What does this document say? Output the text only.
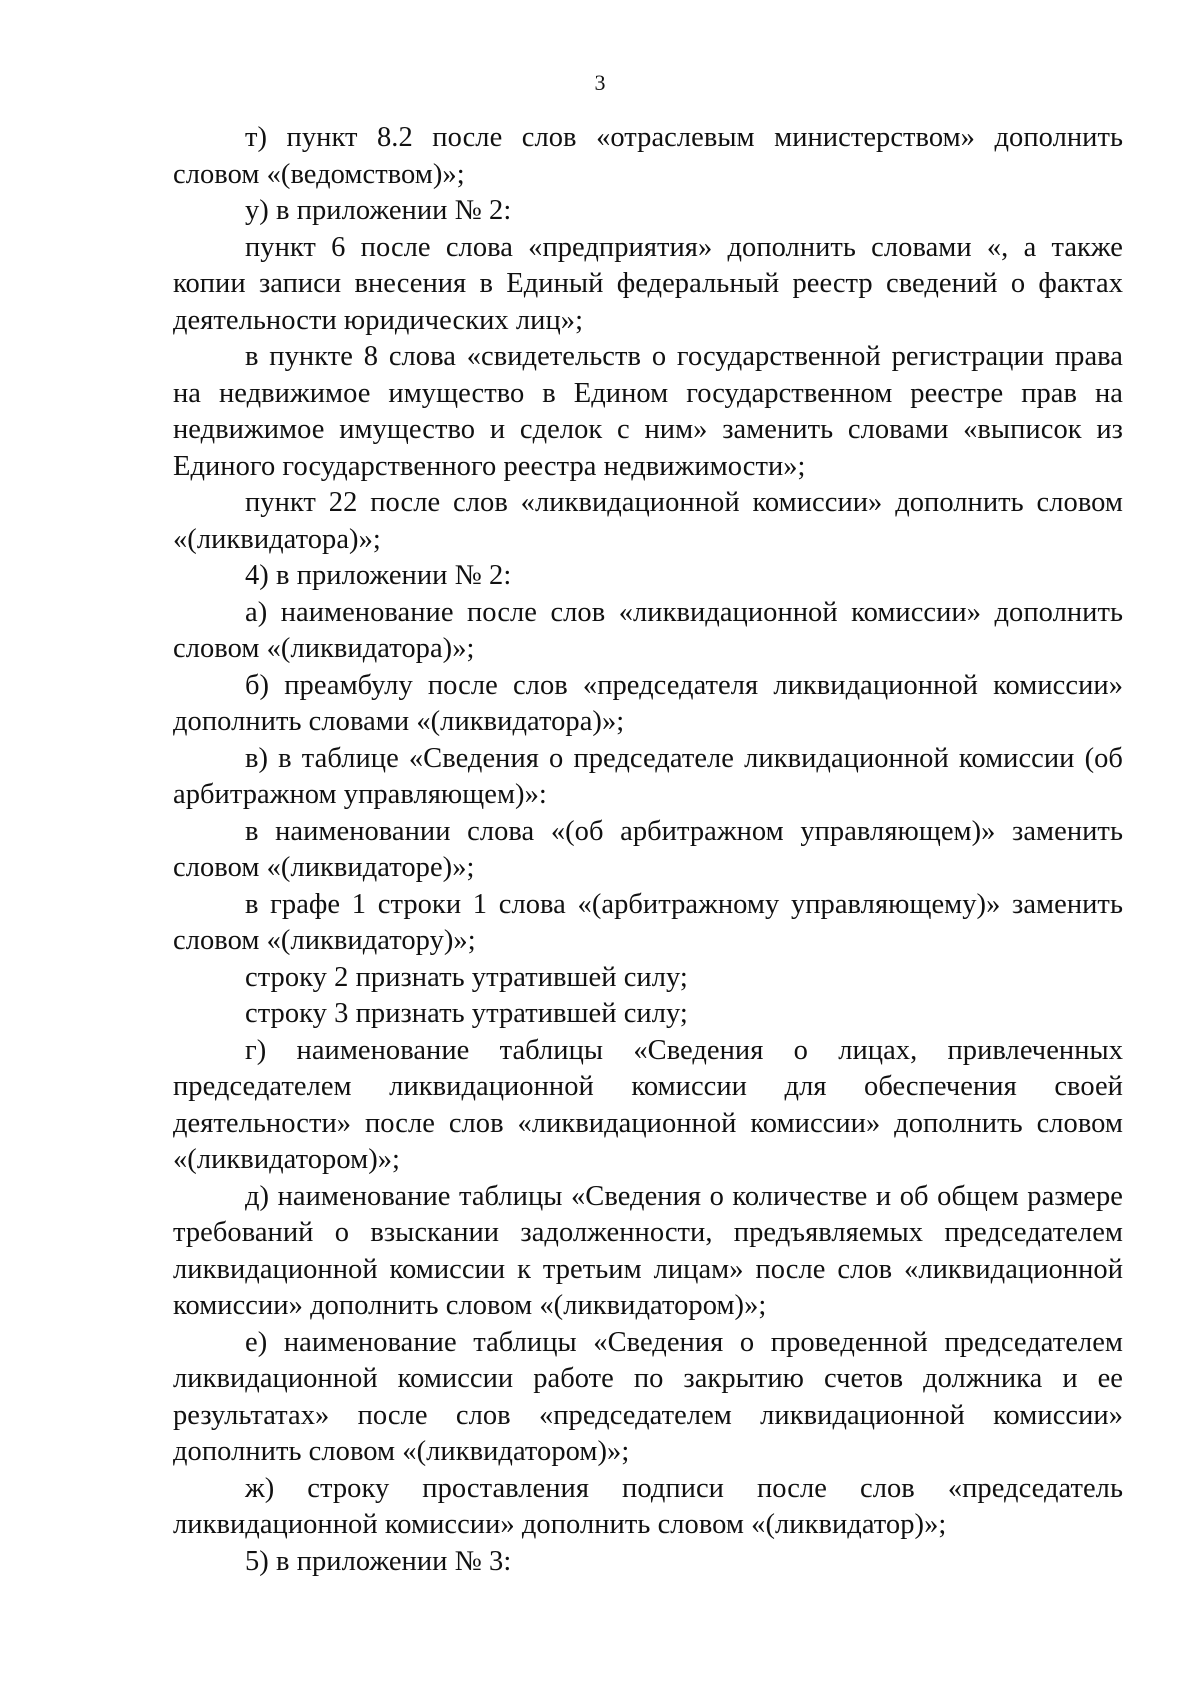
3

т) пункт 8.2 после слов «отраслевым министерством» дополнить словом «(ведомством)»;

у) в приложении № 2:

пункт 6 после слова «предприятия» дополнить словами «, а также копии записи внесения в Единый федеральный реестр сведений о фактах деятельности юридических лиц»;

в пункте 8 слова «свидетельств о государственной регистрации права на недвижимое имущество в Едином государственном реестре прав на недвижимое имущество и сделок с ним» заменить словами «выписок из Единого государственного реестра недвижимости»;

пункт 22 после слов «ликвидационной комиссии» дополнить словом «(ликвидатора)»;

4) в приложении № 2:

а) наименование после слов «ликвидационной комиссии» дополнить словом «(ликвидатора)»;

б) преамбулу после слов «председателя ликвидационной комиссии» дополнить словами «(ликвидатора)»;

в) в таблице «Сведения о председателе ликвидационной комиссии (об арбитражном управляющем)»:

в наименовании слова «(об арбитражном управляющем)» заменить словом «(ликвидаторе)»;

в графе 1 строки 1 слова «(арбитражному управляющему)» заменить словом «(ликвидатору)»;

строку 2 признать утратившей силу;

строку 3 признать утратившей силу;

г) наименование таблицы «Сведения о лицах, привлеченных председателем ликвидационной комиссии для обеспечения своей деятельности» после слов «ликвидационной комиссии» дополнить словом «(ликвидатором)»;

д) наименование таблицы «Сведения о количестве и об общем размере требований о взыскании задолженности, предъявляемых председателем ликвидационной комиссии к третьим лицам» после слов «ликвидационной комиссии» дополнить словом «(ликвидатором)»;

е) наименование таблицы «Сведения о проведенной председателем ликвидационной комиссии работе по закрытию счетов должника и ее результатах» после слов «председателем ликвидационной комиссии» дополнить словом «(ликвидатором)»;

ж) строку проставления подписи после слов «председатель ликвидационной комиссии» дополнить словом «(ликвидатор)»;

5) в приложении № 3:
